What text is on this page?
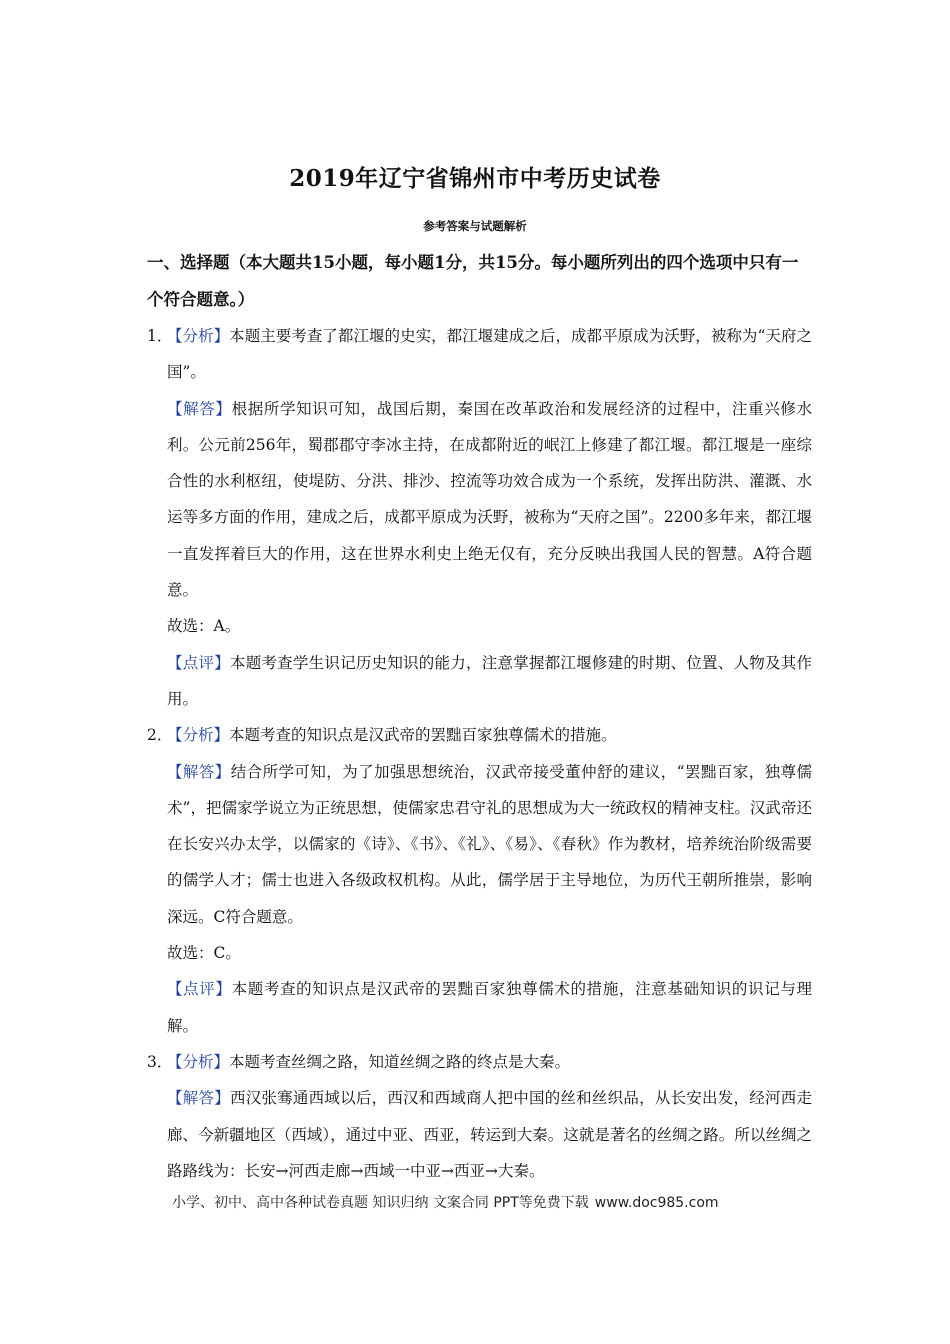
2019年辽宁省锦州市中考历史试卷
参考答案与试题解析
一、选择题（本大题共15小题，每小题1分，共15分。每小题所列出的四个选项中只有一个符合题意。）
1．
【分析】本题主要考查了都江堰的史实，都江堰建成之后，成都平原成为沃野，被称为“天府之国”。

【解答】根据所学知识可知，战国后期，秦国在改革政治和发展经济的过程中，注重兴修水利。公元前256年，蜀郡郡守李冰主持，在成都附近的岷江上修建了都江堰。都江堰是一座综合性的水利枢纽，使堤防、分洪、排沙、控流等功效合成为一个系统，发挥出防洪、灌溉、水运等多方面的作用，建成之后，成都平原成为沃野，被称为“天府之国”。2200多年来，都江堰一直发挥着巨大的作用，这在世界水利史上绝无仅有，充分反映出我国人民的智慧。A符合题意。

故选：A。

【点评】本题考查学生识记历史知识的能力，注意掌握都江堰修建的时期、位置、人物及其作用。

2．
【分析】本题考查的知识点是汉武帝的罢黜百家独尊儒术的措施。

【解答】结合所学可知，为了加强思想统治，汉武帝接受董仲舒的建议，“罢黜百家，独尊儒术”，把儒家学说立为正统思想，使儒家忠君守礼的思想成为大一统政权的精神支柱。汉武帝还在长安兴办太学，以儒家的《诗》、《书》、《礼》、《易》、《春秋》作为教材，培养统治阶级需要的儒学人才；儒士也进入各级政权机构。从此，儒学居于主导地位，为历代王朝所推崇，影响深远。C符合题意。

故选：C。

【点评】本题考查的知识点是汉武帝的罢黜百家独尊儒术的措施，注意基础知识的识记与理解。

3．
【分析】本题考查丝绸之路，知道丝绸之路的终点是大秦。

【解答】西汉张骞通西域以后，西汉和西域商人把中国的丝和丝织品，从长安出发，经河西走廊、今新疆地区（西域），通过中亚、西亚，转运到大秦。这就是著名的丝绸之路。所以丝绸之路路线为：长安→河西走廊→西域一中亚→西亚→大秦。

小学、初中、高中各种试卷真题 知识归纳 文案合同 PPT等免费下载 www.doc985.com
